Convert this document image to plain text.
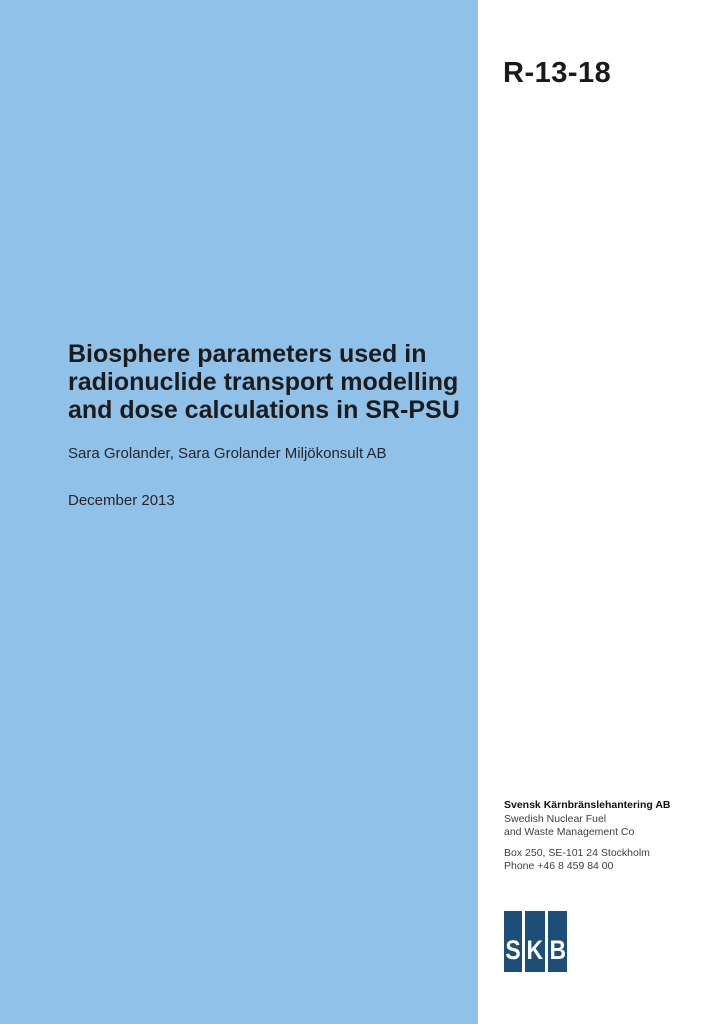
R-13-18
Biosphere parameters used in
radionuclide transport modelling
and dose calculations in SR-PSU
Sara Grolander, Sara Grolander Miljökonsult AB
December 2013
Svensk Kärnbränslehantering AB
Swedish Nuclear Fuel
and Waste Management Co
Box 250, SE-101 24 Stockholm
Phone +46 8 459 84 00
S K B
